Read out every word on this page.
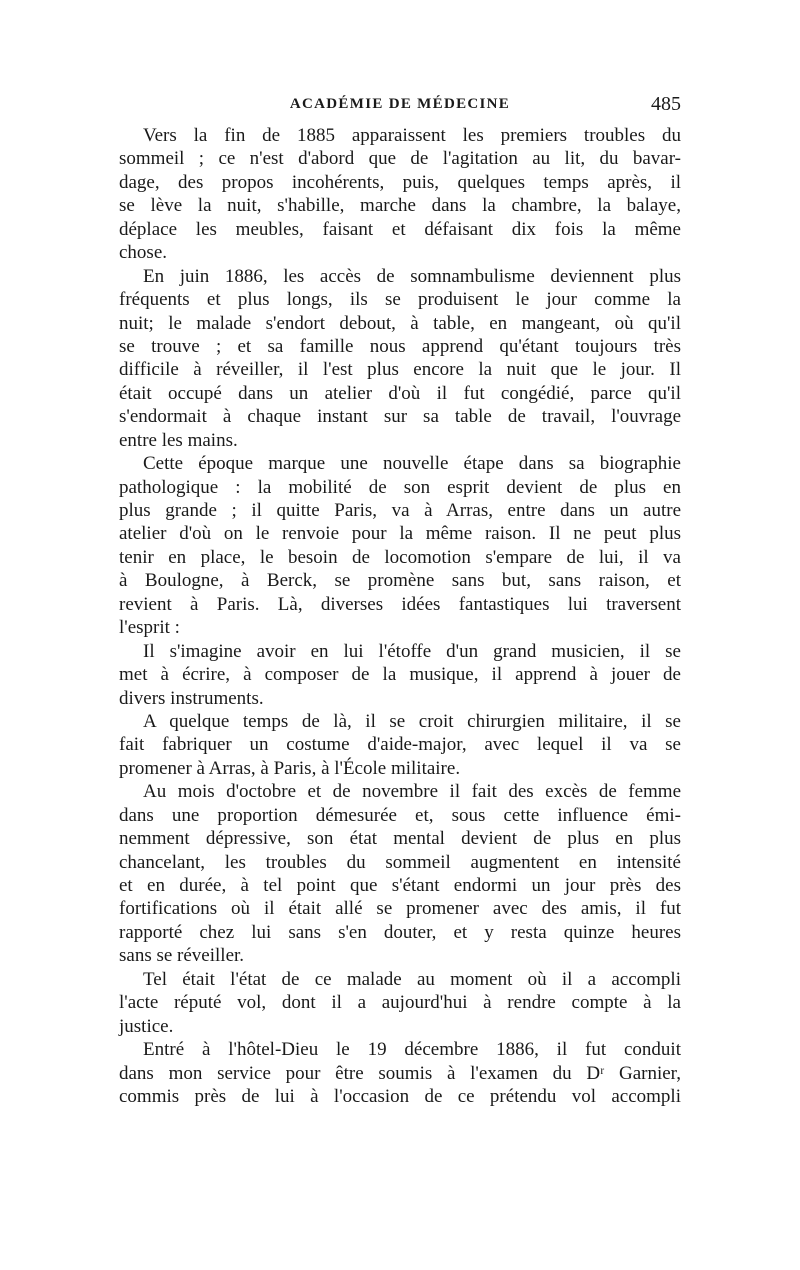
ACADÉMIE DE MÉDECINE	485
Vers la fin de 1885 apparaissent les premiers troubles du
sommeil ; ce n'est d'abord que de l'agitation au lit, du bavar-
dage, des propos incohérents, puis, quelques temps après, il
se lève la nuit, s'habille, marche dans la chambre, la balaye,
déplace les meubles, faisant et défaisant dix fois la même
chose.
En juin 1886, les accès de somnambulisme deviennent plus
fréquents et plus longs, ils se produisent le jour comme la
nuit; le malade s'endort debout, à table, en mangeant, où qu'il
se trouve ; et sa famille nous apprend qu'étant toujours très
difficile à réveiller, il l'est plus encore la nuit que le jour. Il
était occupé dans un atelier d'où il fut congédié, parce qu'il
s'endormait à chaque instant sur sa table de travail, l'ouvrage
entre les mains.
Cette époque marque une nouvelle étape dans sa biographie
pathologique : la mobilité de son esprit devient de plus en
plus grande ; il quitte Paris, va à Arras, entre dans un autre
atelier d'où on le renvoie pour la même raison. Il ne peut plus
tenir en place, le besoin de locomotion s'empare de lui, il va
à Boulogne, à Berck, se promène sans but, sans raison, et
revient à Paris. Là, diverses idées fantastiques lui traversent
l'esprit :
Il s'imagine avoir en lui l'étoffe d'un grand musicien, il se
met à écrire, à composer de la musique, il apprend à jouer de
divers instruments.
A quelque temps de là, il se croit chirurgien militaire, il se
fait fabriquer un costume d'aide-major, avec lequel il va se
promener à Arras, à Paris, à l'École militaire.
Au mois d'octobre et de novembre il fait des excès de femme
dans une proportion démesurée et, sous cette influence émi-
nemment dépressive, son état mental devient de plus en plus
chancelant, les troubles du sommeil augmentent en intensité
et en durée, à tel point que s'étant endormi un jour près des
fortifications où il était allé se promener avec des amis, il fut
rapporté chez lui sans s'en douter, et y resta quinze heures
sans se réveiller.
Tel était l'état de ce malade au moment où il a accompli
l'acte réputé vol, dont il a aujourd'hui à rendre compte à la
justice.
Entré à l'hôtel-Dieu le 19 décembre 1886, il fut conduit
dans mon service pour être soumis à l'examen du Dʳ Garnier,
commis près de lui à l'occasion de ce prétendu vol accompli
